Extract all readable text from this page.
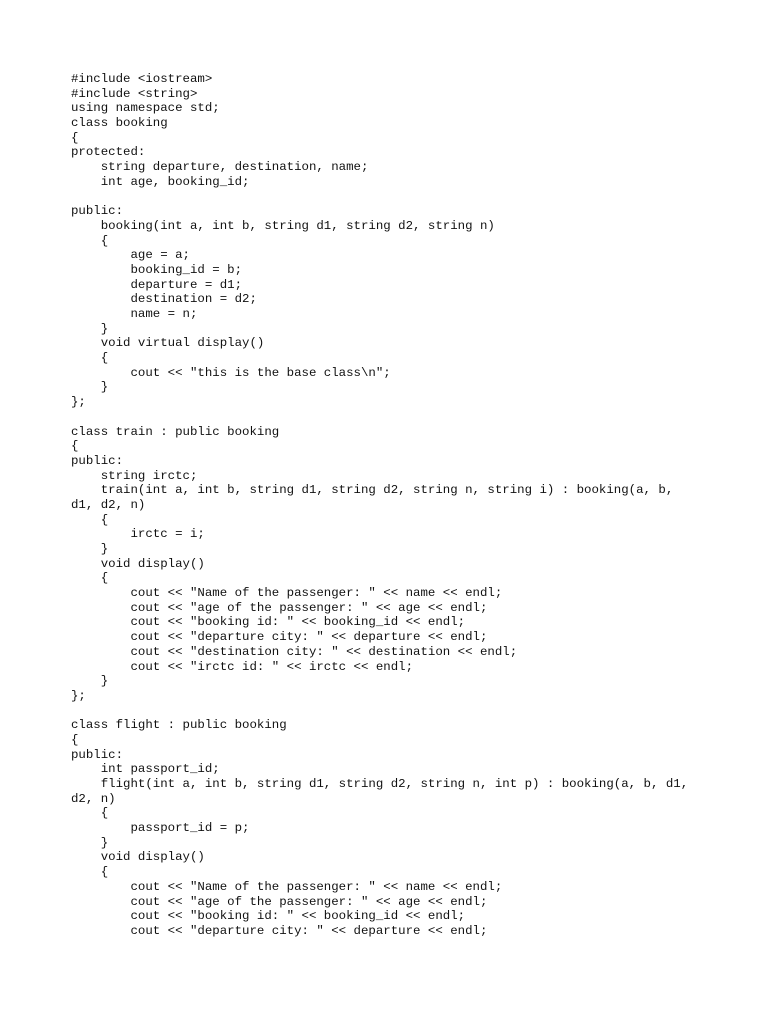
#include <iostream>
#include <string>
using namespace std;
class booking
{
protected:
string departure, destination, name;
int age, booking_id;
public:
booking(int a, int b, string d1, string d2, string n)
{
age = a;
booking_id = b;
departure = d1;
destination = d2;
name = n;
}
void virtual display()
{
cout << "this is the base class\n";
}
};
class train : public booking
{
public:
string irctc;
train(int a, int b, string d1, string d2, string n, string i) : booking(a, b,
d1, d2, n)
{
irctc = i;
}
void display()
{
cout << "Name of the passenger: " << name << endl;
cout << "age of the passenger: " << age << endl;
cout << "booking id: " << booking_id << endl;
cout << "departure city: " << departure << endl;
cout << "destination city: " << destination << endl;
cout << "irctc id: " << irctc << endl;
}
};
class flight : public booking
{
public:
int passport_id;
flight(int a, int b, string d1, string d2, string n, int p) : booking(a, b, d1,
d2, n)
{
passport_id = p;
}
void display()
{
cout << "Name of the passenger: " << name << endl;
cout << "age of the passenger: " << age << endl;
cout << "booking id: " << booking_id << endl;
cout << "departure city: " << departure << endl;
